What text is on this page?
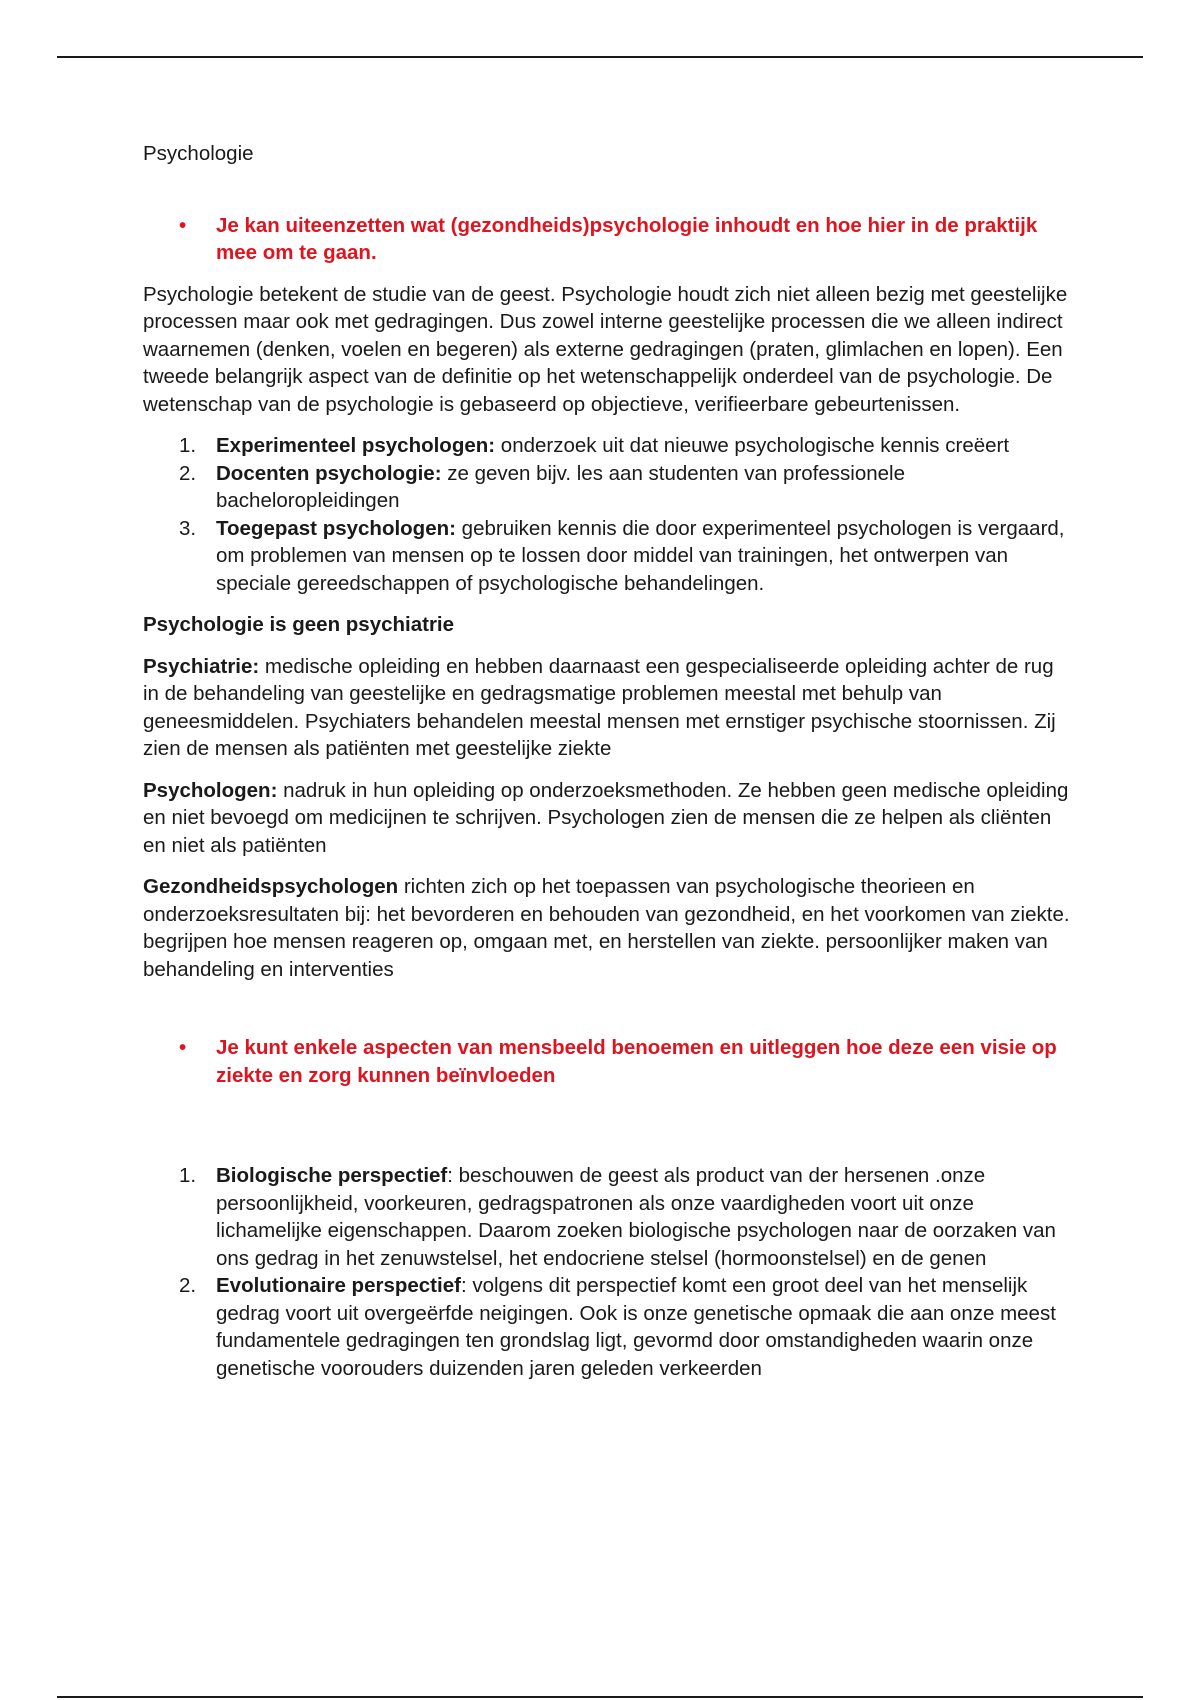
Psychologie
• Je kan uiteenzetten wat (gezondheids)psychologie inhoudt en hoe hier in de praktijk mee om te gaan.

Psychologie betekent de studie van de geest. Psychologie houdt zich niet alleen bezig met geestelijke processen maar ook met gedragingen. Dus zowel interne geestelijke processen die we alleen indirect waarnemen (denken, voelen en begeren) als externe gedragingen (praten, glimlachen en lopen). Een tweede belangrijk aspect van de definitie op het wetenschappelijk onderdeel van de psychologie. De wetenschap van de psychologie is gebaseerd op objectieve, verifieerbare gebeurtenissen.

1. Experimenteel psychologen: onderzoek uit dat nieuwe psychologische kennis creëert
2. Docenten psychologie: ze geven bijv. les aan studenten van professionele bacheloropleidingen
3. Toegepast psychologen: gebruiken kennis die door experimenteel psychologen is vergaard, om problemen van mensen op te lossen door middel van trainingen, het ontwerpen van speciale gereedschappen of psychologische behandelingen.
Psychologie is geen psychiatrie

Psychiatrie: medische opleiding en hebben daarnaast een gespecialiseerde opleiding achter de rug in de behandeling van geestelijke en gedragsmatige problemen meestal met behulp van geneesmiddelen. Psychiaters behandelen meestal mensen met ernstiger psychische stoornissen. Zij zien de mensen als patiënten met geestelijke ziekte

Psychologen: nadruk in hun opleiding op onderzoeksmethoden. Ze hebben geen medische opleiding en niet bevoegd om medicijnen te schrijven. Psychologen zien de mensen die ze helpen als cliënten en niet als patiënten

Gezondheidspsychologen richten zich op het toepassen van psychologische theorieen en onderzoeksresultaten bij: het bevorderen en behouden van gezondheid, en het voorkomen van ziekte. begrijpen hoe mensen reageren op, omgaan met, en herstellen van ziekte. persoonlijker maken van behandeling en interventies

• Je kunt enkele aspecten van mensbeeld benoemen en uitleggen hoe deze een visie op ziekte en zorg kunnen beïnvloeden
1. Biologische perspectief: beschouwen de geest als product van der hersenen .onze persoonlijkheid, voorkeuren, gedragspatronen als onze vaardigheden voort uit onze lichamelijke eigenschappen. Daarom zoeken biologische psychologen naar de oorzaken van ons gedrag in het zenuwstelsel, het endocriene stelsel (hormoonstelsel) en de genen
2. Evolutionaire perspectief: volgens dit perspectief komt een groot deel van het menselijk gedrag voort uit overgeërfde neigingen. Ook is onze genetische opmaak die aan onze meest fundamentele gedragingen ten grondslag ligt, gevormd door omstandigheden waarin onze genetische voorouders duizenden jaren geleden verkeerden
